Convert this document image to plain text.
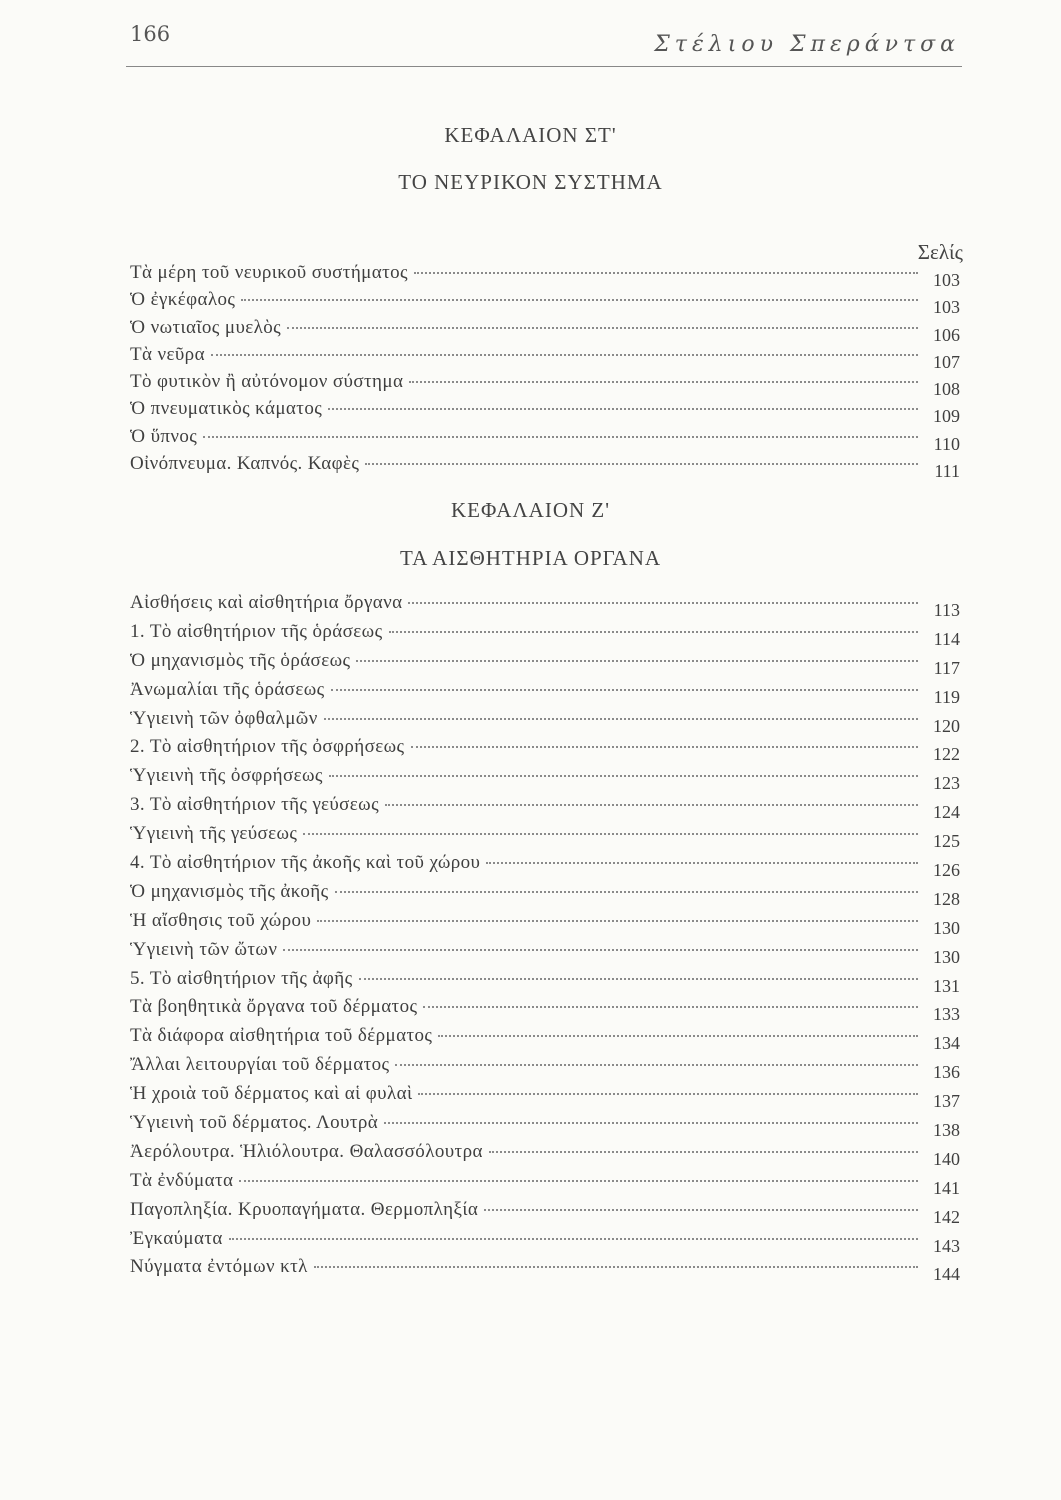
166	Στέλιου Σπεράντσα
ΚΕΦΑΛΑΙΟΝ ΣΤ'
ΤΟ ΝΕΥΡΙΚΟΝ ΣΥΣΤΗΜΑ
Σελίς
Τὰ μέρη τοῦ νευρικοῦ συστήματος	103
Ὁ ἐγκέφαλος	103
Ὁ νωτιαῖος μυελὸς	106
Τὰ νεῦρα	107
Τὸ φυτικὸν ἢ αὐτόνομον σύστημα	108
Ὁ πνευματικὸς κάματος	109
Ὁ ὕπνος	110
Οἰνόπνευμα. Καπνός. Καφὲς	111
ΚΕΦΑΛΑΙΟΝ Ζ'
ΤΑ ΑΙΣΘΗΤΗΡΙΑ ΟΡΓΑΝΑ
Αἰσθήσεις καὶ αἰσθητήρια ὄργανα	113
1. Τὸ αἰσθητήριον τῆς ὁράσεως	114
Ὁ μηχανισμὸς τῆς ὁράσεως	117
Ἀνωμαλίαι τῆς ὁράσεως	119
Ὑγιεινὴ τῶν ὀφθαλμῶν	120
2. Τὸ αἰσθητήριον τῆς ὀσφρήσεως	122
Ὑγιεινὴ τῆς ὀσφρήσεως	123
3. Τὸ αἰσθητήριον τῆς γεύσεως	124
Ὑγιεινὴ τῆς γεύσεως	125
4. Τὸ αἰσθητήριον τῆς ἀκοῆς καὶ τοῦ χώρου	126
Ὁ μηχανισμὸς τῆς ἀκοῆς	128
Ἡ αἴσθησις τοῦ χώρου	130
Ὑγιεινὴ τῶν ὤτων	130
5. Τὸ αἰσθητήριον τῆς ἀφῆς	131
Τὰ βοηθητικὰ ὄργανα τοῦ δέρματος	133
Τὰ διάφορα αἰσθητήρια τοῦ δέρματος	134
Ἄλλαι λειτουργίαι τοῦ δέρματος	136
Ἡ χροιὰ τοῦ δέρματος καὶ αἱ φυλαὶ	137
Ὑγιεινὴ τοῦ δέρματος. Λουτρὰ	138
Ἀερόλουτρα. Ἡλιόλουτρα. Θαλασσόλουτρα	140
Τὰ ἐνδύματα	141
Παγοπληξία. Κρυοπαγήματα. Θερμοπληξία	142
Ἐγκαύματα	143
Νύγματα ἐντόμων κτλ	144
